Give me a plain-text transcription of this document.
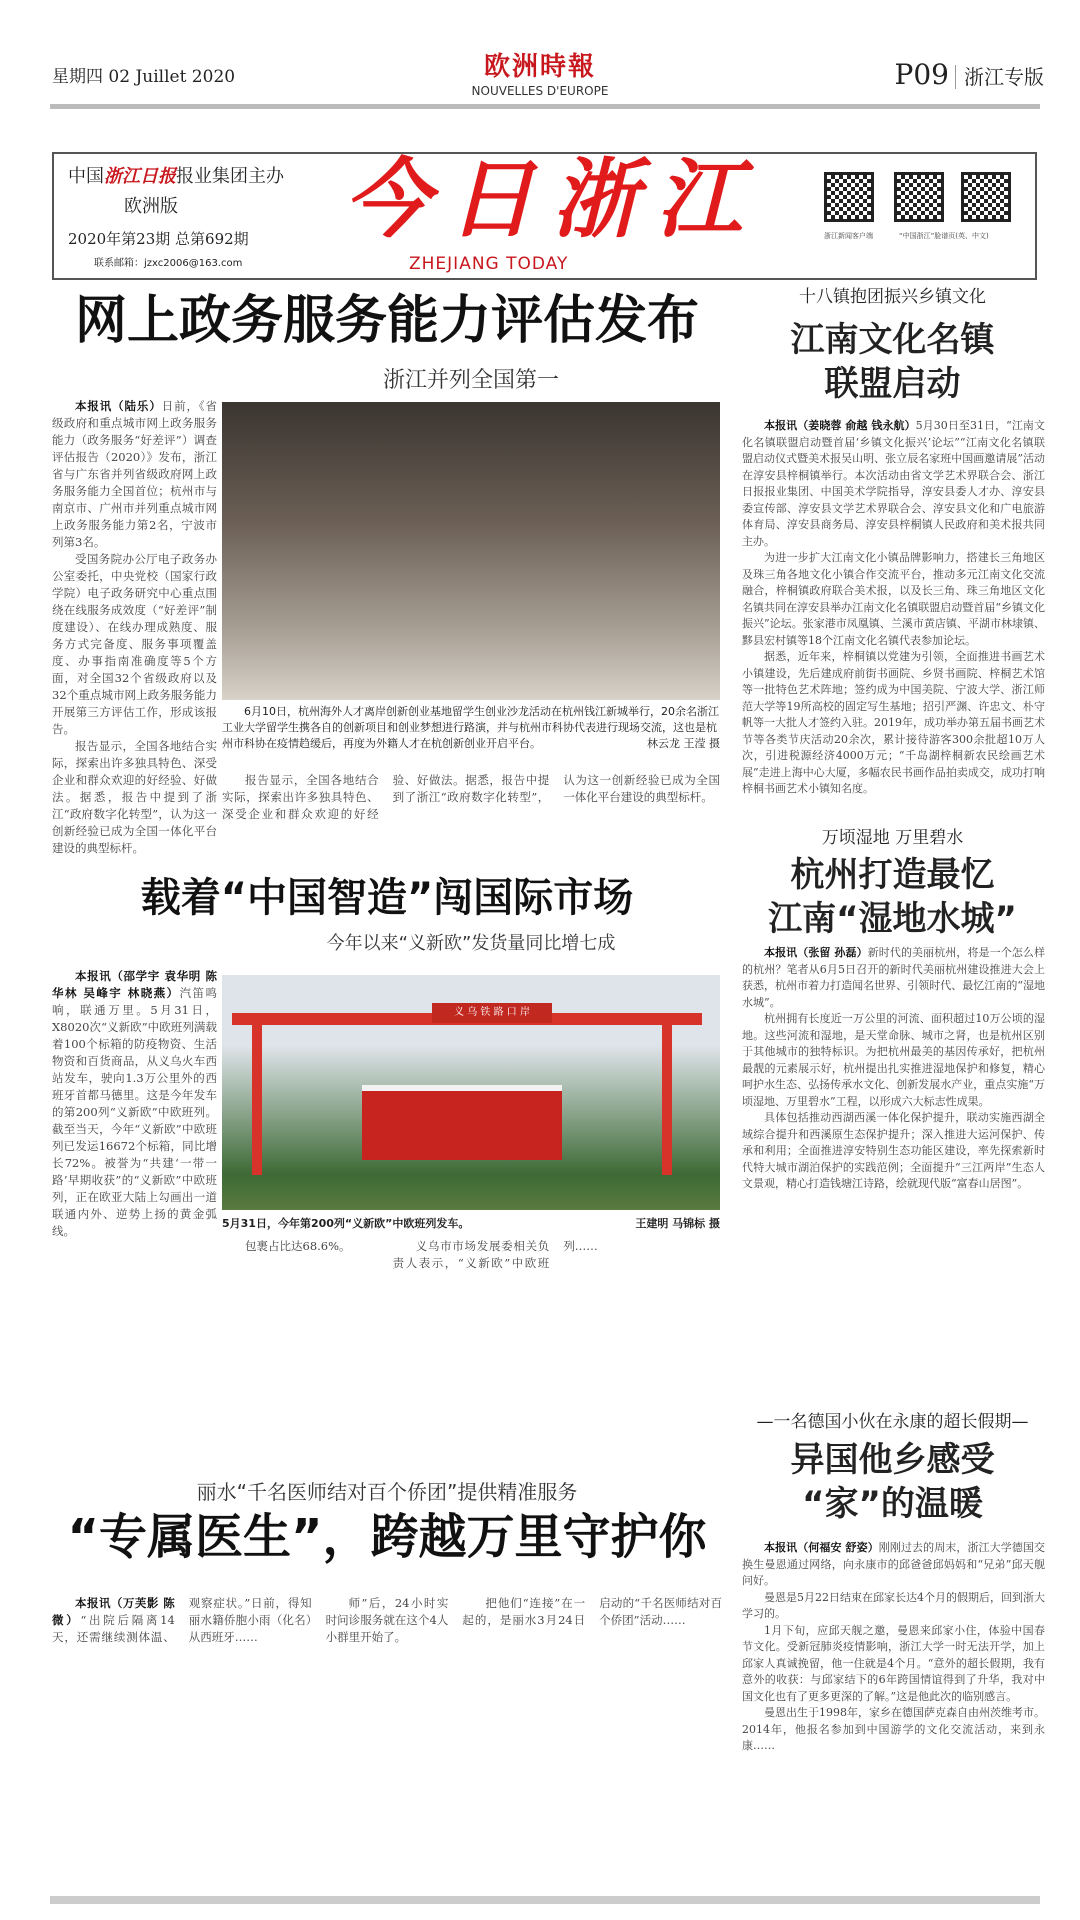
星期四 02 Juillet 2020	欧洲時報
NOUVELLES D'EUROPE	P09 浙江专版
中国浙江日报报业集团主办
欧洲版
2020年第23期 总第692期
联系邮箱：jzxc2006@163.com
今日浙江
ZHEJIANG TODAY
浙江新闻客户端	“中国浙江”脸谱页(英、中文)
网上政务服务能力评估发布
浙江并列全国第一

本报讯（陆乐）日前，《省级政府和重点城市网上政务服务能力（政务服务“好差评”）调查评估报告（2020）》发布，浙江省与广东省并列省级政府网上政务服务能力全国首位；杭州市与南京市、广州市并列重点城市网上政务服务能力第2名，宁波市列第3名。

受国务院办公厅电子政务办公室委托，中央党校（国家行政学院）电子政务研究中心重点围绕在线服务成效度（“好差评”制度建设）、在线办理成熟度、服务方式完备度、服务事项覆盖度、办事指南准确度等5个方面，对全国32个省级政府以及32个重点城市网上政务服务能力开展第三方评估工作，形成该报告。

报告显示，全国各地结合实际，探索出许多独具特色、深受企业和群众欢迎的好经验、好做法。据悉，报告中提到了浙江“政府数字化转型”，认为这一创新经验已成为全国一体化平台建设的典型标杆。

6月10日，杭州海外人才离岸创新创业基地留学生创业沙龙活动在杭州钱江新城举行，20余名浙江工业大学留学生携各自的创新项目和创业梦想进行路演，并与杭州市科协代表进行现场交流，这也是杭州市科协在疫情趋缓后，再度为外籍人才在杭创新创业开启平台。	林云龙 王滢 摄

报告显示，全国各地结合实际，探索出许多独具特色、深受企业和群众欢迎的好经验、好做法。据悉，报告中提到了浙江“政府数字化转型”，认为这一创新经验已成为全国一体化平台建设的典型标杆。

载着“中国智造”闯国际市场
今年以来“义新欧”发货量同比增七成

本报讯（邵学宇 袁华明 陈华林 吴峰宇 林晓燕）汽笛鸣响，联通万里。5月31日，X8020次“义新欧”中欧班列满载着100个标箱的防疫物资、生活物资和百货商品，从义乌火车西站发车，驶向1.3万公里外的西班牙首都马德里。这是今年发车的第200列“义新欧”中欧班列。截至当天，今年“义新欧”中欧班列已发运16672个标箱，同比增长72%。被誉为“共建‘一带一路’早期收获”的“义新欧”中欧班列，正在欧亚大陆上勾画出一道联通内外、逆势上扬的黄金弧线。

义 乌 铁 路 口 岸
5月31日，今年第200列“义新欧”中欧班列发车。	王建明 马锦标 摄

包裹占比达68.6%。	义乌市市场发展委相关负责人表示，“义新欧”中欧班列……

丽水“千名医师结对百个侨团”提供精准服务
“专属医生”，跨越万里守护你

本报讯（万芙影 陈微）“出院后隔离14天，还需继续测体温、观察症状。”日前，得知丽水籍侨胞小雨（化名）从西班牙……

师”后，24小时实时问诊服务就在这个4人小群里开始了。

把他们“连接”在一起的，是丽水3月24日启动的“千名医师结对百个侨团”活动……

十八镇抱团振兴乡镇文化
江南文化名镇
联盟启动

本报讯（姜晓蓉 俞越 钱永航）5月30日至31日，“江南文化名镇联盟启动暨首届‘乡镇文化振兴’论坛”“江南文化名镇联盟启动仪式暨美术报吴山明、张立辰名家班中国画邀请展”活动在淳安县梓桐镇举行。本次活动由省文学艺术界联合会、浙江日报报业集团、中国美术学院指导，淳安县委人才办、淳安县委宣传部、淳安县文学艺术界联合会、淳安县文化和广电旅游体育局、淳安县商务局、淳安县梓桐镇人民政府和美术报共同主办。

为进一步扩大江南文化小镇品牌影响力，搭建长三角地区及珠三角各地文化小镇合作交流平台，推动多元江南文化交流融合，梓桐镇政府联合美术报，以及长三角、珠三角地区文化名镇共同在淳安县举办江南文化名镇联盟启动暨首届“乡镇文化振兴”论坛。张家港市凤凰镇、兰溪市黄店镇、平湖市林埭镇、黟县宏村镇等18个江南文化名镇代表参加论坛。

据悉，近年来，梓桐镇以党建为引领，全面推进书画艺术小镇建设，先后建成府前街书画院、乡贤书画院、梓桐艺术馆等一批特色艺术阵地；签约成为中国美院、宁波大学、浙江师范大学等19所高校的固定写生基地；招引严渊、许忠文、朴守帆等一大批人才签约入驻。2019年，成功举办第五届书画艺术节等各类节庆活动20余次，累计接待游客300余批超10万人次，引进税源经济4000万元；“千岛湖梓桐新农民绘画艺术展”走进上海中心大厦，多幅农民书画作品拍卖成交，成功打响梓桐书画艺术小镇知名度。

万顷湿地 万里碧水
杭州打造最忆
江南“湿地水城”

本报讯（张留 孙磊）新时代的美丽杭州，将是一个怎么样的杭州？笔者从6月5日召开的新时代美丽杭州建设推进大会上获悉，杭州市着力打造闻名世界、引领时代、最忆江南的“湿地水城”。

杭州拥有长度近一万公里的河流、面积超过10万公顷的湿地。这些河流和湿地，是天堂命脉、城市之肾，也是杭州区别于其他城市的独特标识。为把杭州最美的基因传承好，把杭州最靓的元素展示好，杭州提出扎实推进湿地保护和修复，精心呵护水生态、弘扬传承水文化、创新发展水产业，重点实施“万顷湿地、万里碧水”工程，以形成六大标志性成果。

具体包括推动西湖西溪一体化保护提升，联动实施西湖全域综合提升和西溪原生态保护提升；深入推进大运河保护、传承和利用；全面推进淳安特别生态功能区建设，率先探索新时代特大城市湖泊保护的实践范例；全面提升“三江两岸”生态人文景观，精心打造钱塘江诗路，绘就现代版“富春山居图”。

—一名德国小伙在永康的超长假期—
异国他乡感受
“家”的温暖

本报讯（何福安 舒姿）刚刚过去的周末，浙江大学德国交换生曼恩通过网络，向永康市的邱爸爸邱妈妈和“兄弟”邱天舰问好。

曼恩是5月22日结束在邱家长达4个月的假期后，回到浙大学习的。

1月下旬，应邱天舰之邀，曼恩来邱家小住，体验中国春节文化。受新冠肺炎疫情影响，浙江大学一时无法开学，加上邱家人真诚挽留，他一住就是4个月。“意外的超长假期，我有意外的收获：与邱家结下的6年跨国情谊得到了升华，我对中国文化也有了更多更深的了解。”这是他此次的临别感言。

曼恩出生于1998年，家乡在德国萨克森自由州茨维考市。2014年，他报名参加到中国游学的文化交流活动，来到永康……
